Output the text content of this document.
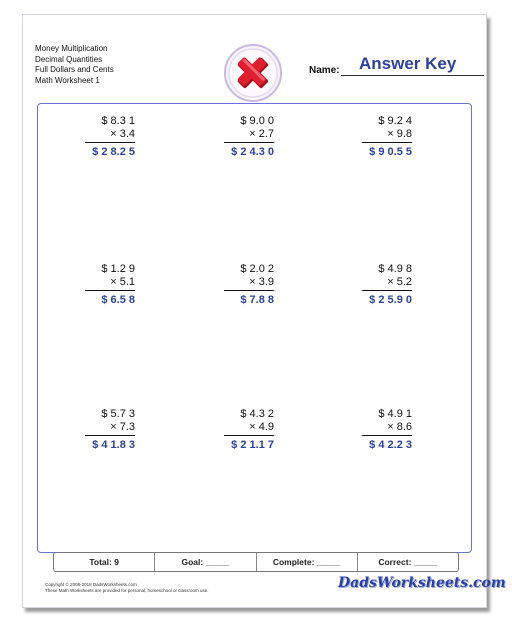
Money Multiplication
Decimal Quantities
Full Dollars and Cents
Math Worksheet 1
Name: Answer Key
$ 8.3 1
× 3.4
$ 2 8.2 5
$ 9.0 0
× 2.7
$ 2 4.3 0
$ 9.2 4
× 9.8
$ 9 0.5 5
$ 1.2 9
× 5.1
$ 6.5 8
$ 2.0 2
× 3.9
$ 7.8 8
$ 4.9 8
× 5.2
$ 2 5.9 0
$ 5.7 3
× 7.3
$ 4 1.8 3
$ 4.3 2
× 4.9
$ 2 1.1 7
$ 4.9 1
× 8.6
$ 4 2.2 3
Total: 9	Goal: _____	Complete: _____	Correct: _____
Copyright © 2008-2018 DadsWorksheets.com
These Math Worksheets are provided for personal, homeschool or classroom use.	DadsWorksheets.com
